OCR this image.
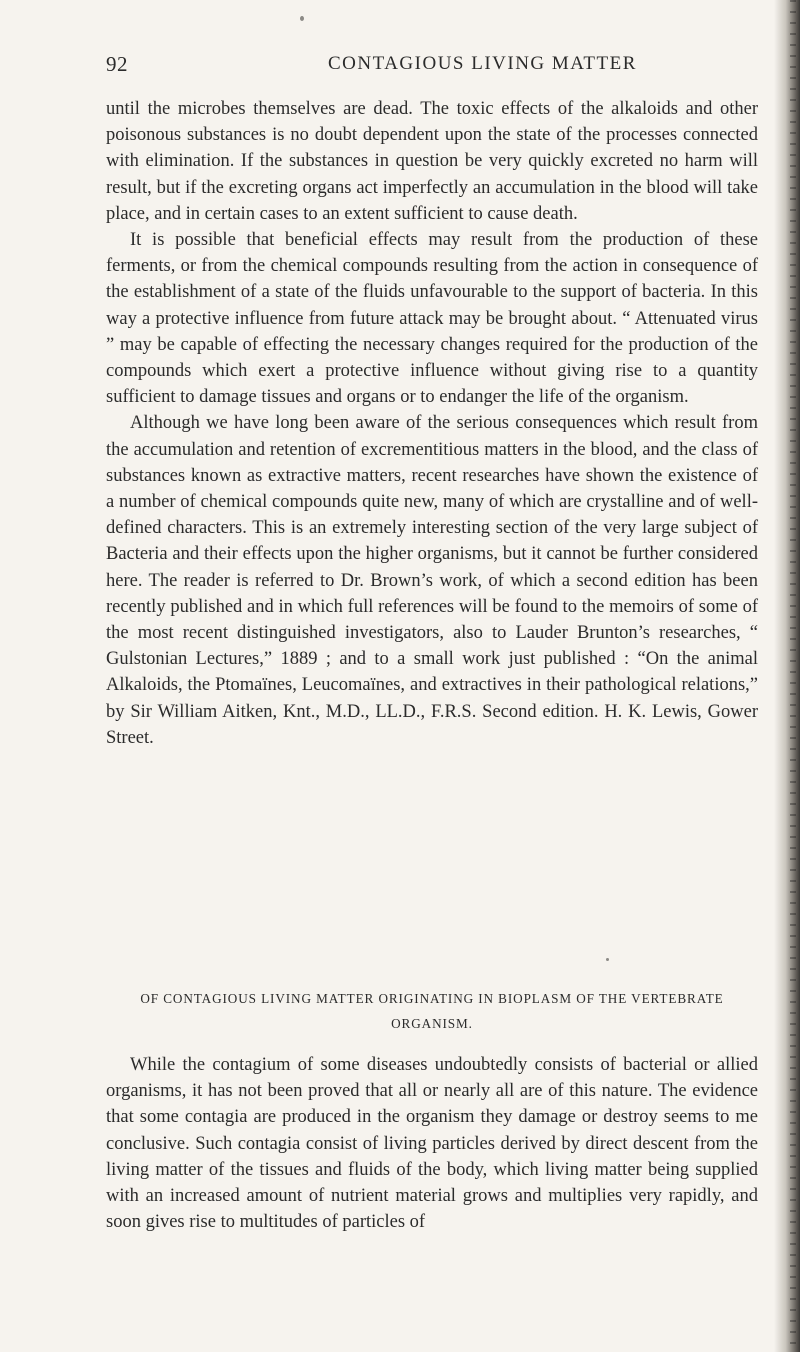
92	CONTAGIOUS LIVING MATTER

until the microbes themselves are dead. The toxic effects of the alkaloids and other poisonous substances is no doubt dependent upon the state of the processes connected with elimination. If the substances in question be very quickly excreted no harm will result, but if the excreting organs act imperfectly an accumulation in the blood will take place, and in certain cases to an extent sufficient to cause death.

It is possible that beneficial effects may result from the production of these ferments, or from the chemical compounds resulting from the action in consequence of the establishment of a state of the fluids unfavourable to the support of bacteria. In this way a protective influence from future attack may be brought about. “ Attenuated virus ” may be capable of effecting the necessary changes required for the production of the compounds which exert a protective influence without giving rise to a quantity sufficient to damage tissues and organs or to endanger the life of the organism.

Although we have long been aware of the serious consequences which result from the accumulation and retention of excrementitious matters in the blood, and the class of substances known as extractive matters, recent researches have shown the existence of a number of chemical compounds quite new, many of which are crystalline and of well-defined characters. This is an extremely interesting section of the very large subject of Bacteria and their effects upon the higher organisms, but it cannot be further considered here. The reader is referred to Dr. Brown’s work, of which a second edition has been recently published and in which full references will be found to the memoirs of some of the most recent distinguished investigators, also to Lauder Brunton’s researches, “ Gulstonian Lectures,” 1889 ; and to a small work just published : “On the animal Alkaloids, the Ptomaïnes, Leucomaïnes, and extractives in their pathological relations,” by Sir William Aitken, Knt., M.D., LL.D., F.R.S. Second edition. H. K. Lewis, Gower Street.

OF CONTAGIOUS LIVING MATTER ORIGINATING IN BIOPLASM OF THE VERTEBRATE ORGANISM.

While the contagium of some diseases undoubtedly consists of bacterial or allied organisms, it has not been proved that all or nearly all are of this nature. The evidence that some contagia are produced in the organism they damage or destroy seems to me conclusive. Such contagia consist of living particles derived by direct descent from the living matter of the tissues and fluids of the body, which living matter being supplied with an increased amount of nutrient material grows and multiplies very rapidly, and soon gives rise to multitudes of particles of
